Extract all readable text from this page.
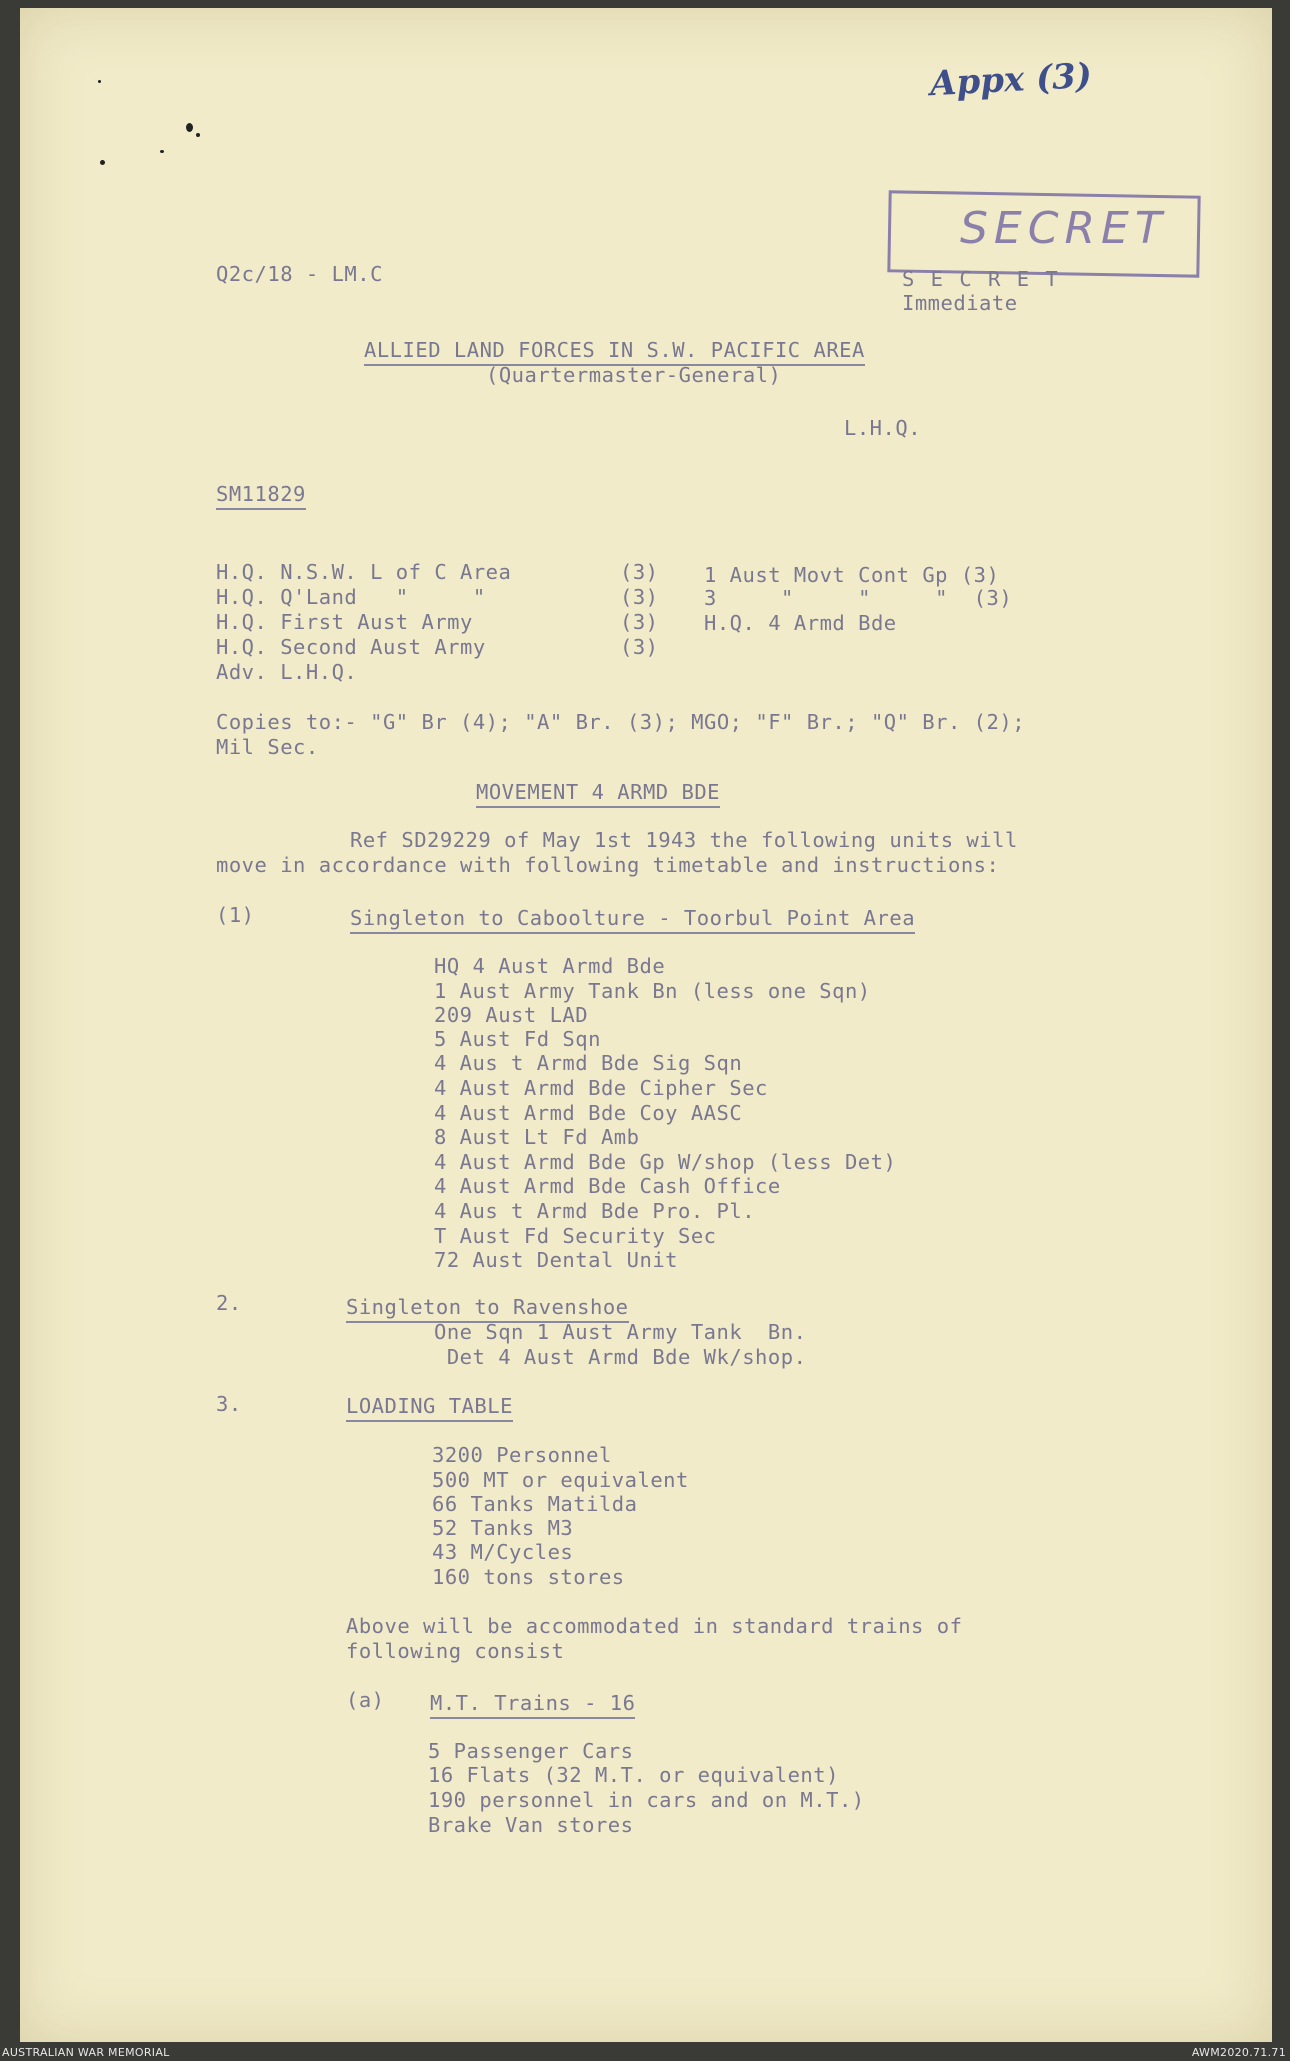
Appx (3)
SECRET
Q2c/18 - LM.C	S E C R E T
Immediate
ALLIED LAND FORCES IN S.W. PACIFIC AREA
(Quartermaster-General)
L.H.Q.
SM11829
H.Q. N.S.W. L of C Area	(3)
H.Q. Q'Land   "     "	(3)
H.Q. First Aust Army	(3)
H.Q. Second Aust Army	(3)
Adv. L.H.Q.
1 Aust Movt Cont Gp (3)
3     "     "     "  (3)
H.Q. 4 Armd Bde
Copies to:- "G" Br (4); "A" Br. (3); MGO; "F" Br.; "Q" Br. (2);
Mil Sec.
MOVEMENT 4 ARMD BDE
Ref SD29229 of May 1st 1943 the following units will
move in accordance with following timetable and instructions:
(1)	Singleton to Caboolture - Toorbul Point Area
HQ 4 Aust Armd Bde
1 Aust Army Tank Bn (less one Sqn)
209 Aust LAD
5 Aust Fd Sqn
4 Aus t Armd Bde Sig Sqn
4 Aust Armd Bde Cipher Sec
4 Aust Armd Bde Coy AASC
8 Aust Lt Fd Amb
4 Aust Armd Bde Gp W/shop (less Det)
4 Aust Armd Bde Cash Office
4 Aus t Armd Bde Pro. Pl.
T Aust Fd Security Sec
72 Aust Dental Unit
2.	Singleton to Ravenshoe
One Sqn 1 Aust Army Tank  Bn.
Det 4 Aust Armd Bde Wk/shop.
3.	LOADING TABLE
3200 Personnel
500 MT or equivalent
66 Tanks Matilda
52 Tanks M3
43 M/Cycles
160 tons stores
Above will be accommodated in standard trains of
following consist
(a) M.T. Trains - 16
5 Passenger Cars
16 Flats (32 M.T. or equivalent)
190 personnel in cars and on M.T.)
Brake Van stores
AUSTRALIAN WAR MEMORIAL	AWM2020.71.71
